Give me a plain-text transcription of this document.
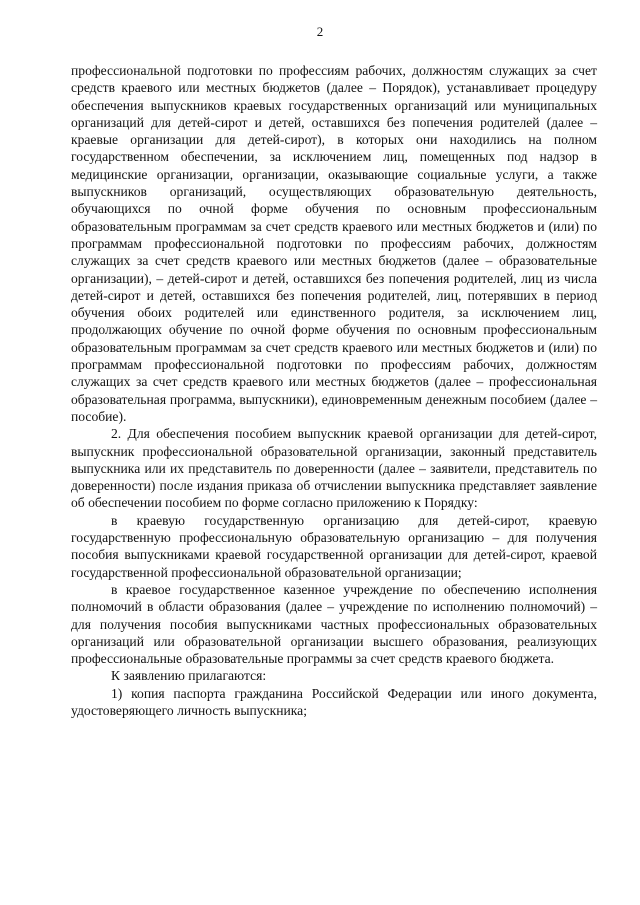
2

профессиональной подготовки по профессиям рабочих, должностям служащих за счет средств краевого или местных бюджетов (далее – Порядок), устанавливает процедуру обеспечения выпускников краевых государственных организаций или муниципальных организаций для детей-сирот и детей, оставшихся без попечения родителей (далее – краевые организации для детей-сирот), в которых они находились на полном государственном обеспечении, за исключением лиц, помещенных под надзор в медицинские организации, организации, оказывающие социальные услуги, а также выпускников организаций, осуществляющих образовательную деятельность, обучающихся по очной форме обучения по основным профессиональным образовательным программам за счет средств краевого или местных бюджетов и (или) по программам профессиональной подготовки по профессиям рабочих, должностям служащих за счет средств краевого или местных бюджетов (далее – образовательные организации), – детей-сирот и детей, оставшихся без попечения родителей, лиц из числа детей-сирот и детей, оставшихся без попечения родителей, лиц, потерявших в период обучения обоих родителей или единственного родителя, за исключением лиц, продолжающих обучение по очной форме обучения по основным профессиональным образовательным программам за счет средств краевого или местных бюджетов и (или) по программам профессиональной подготовки по профессиям рабочих, должностям служащих за счет средств краевого или местных бюджетов (далее – профессиональная образовательная программа, выпускники), единовременным денежным пособием (далее – пособие).

2. Для обеспечения пособием выпускник краевой организации для детей-сирот, выпускник профессиональной образовательной организации, законный представитель выпускника или их представитель по доверенности (далее – заявители, представитель по доверенности) после издания приказа об отчислении выпускника представляет заявление об обеспечении пособием по форме согласно приложению к Порядку:

в краевую государственную организацию для детей-сирот, краевую государственную профессиональную образовательную организацию – для получения пособия выпускниками краевой государственной организации для детей-сирот, краевой государственной профессиональной образовательной организации;

в краевое государственное казенное учреждение по обеспечению исполнения полномочий в области образования (далее – учреждение по исполнению полномочий) – для получения пособия выпускниками частных профессиональных образовательных организаций или образовательной организации высшего образования, реализующих профессиональные образовательные программы за счет средств краевого бюджета.

К заявлению прилагаются:

1) копия паспорта гражданина Российской Федерации или иного документа, удостоверяющего личность выпускника;
